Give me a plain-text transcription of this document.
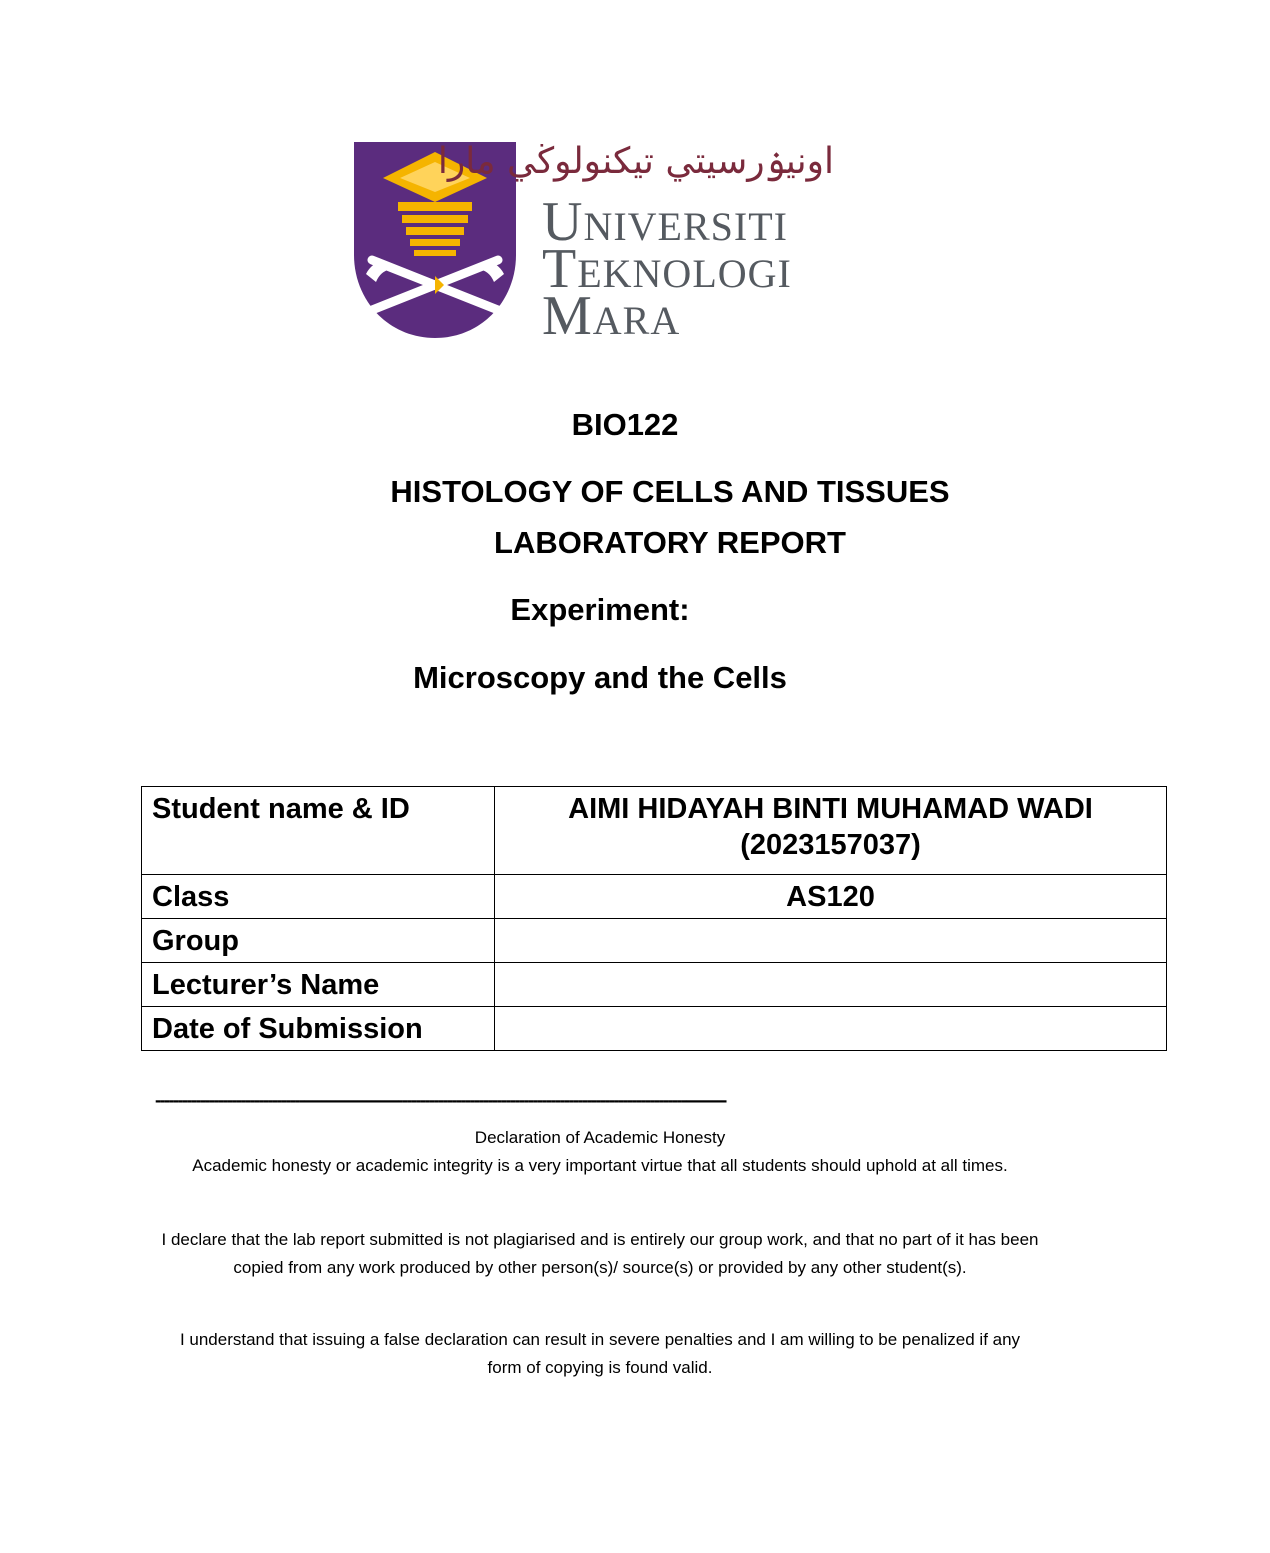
اونيۏرسيتي تيكنولوڬي مارا
UNIVERSITI
TEKNOLOGI
MARA
BIO122
HISTOLOGY OF CELLS AND TISSUES
LABORATORY REPORT
Experiment:
Microscopy and the Cells
Student name & ID	AIMI HIDAYAH BINTI MUHAMAD WADI (2023157037)
Class	AS120
Group	
Lecturer’s Name	
Date of Submission	
-------------------------------------------------------------------------------------------------------------------------------
Declaration of Academic Honesty
Academic honesty or academic integrity is a very important virtue that all students should uphold at all times.
I declare that the lab report submitted is not plagiarised and is entirely our group work, and that no part of it has been copied from any work produced by other person(s)/ source(s) or provided by any other student(s).
I understand that issuing a false declaration can result in severe penalties and I am willing to be penalized if any form of copying is found valid.
